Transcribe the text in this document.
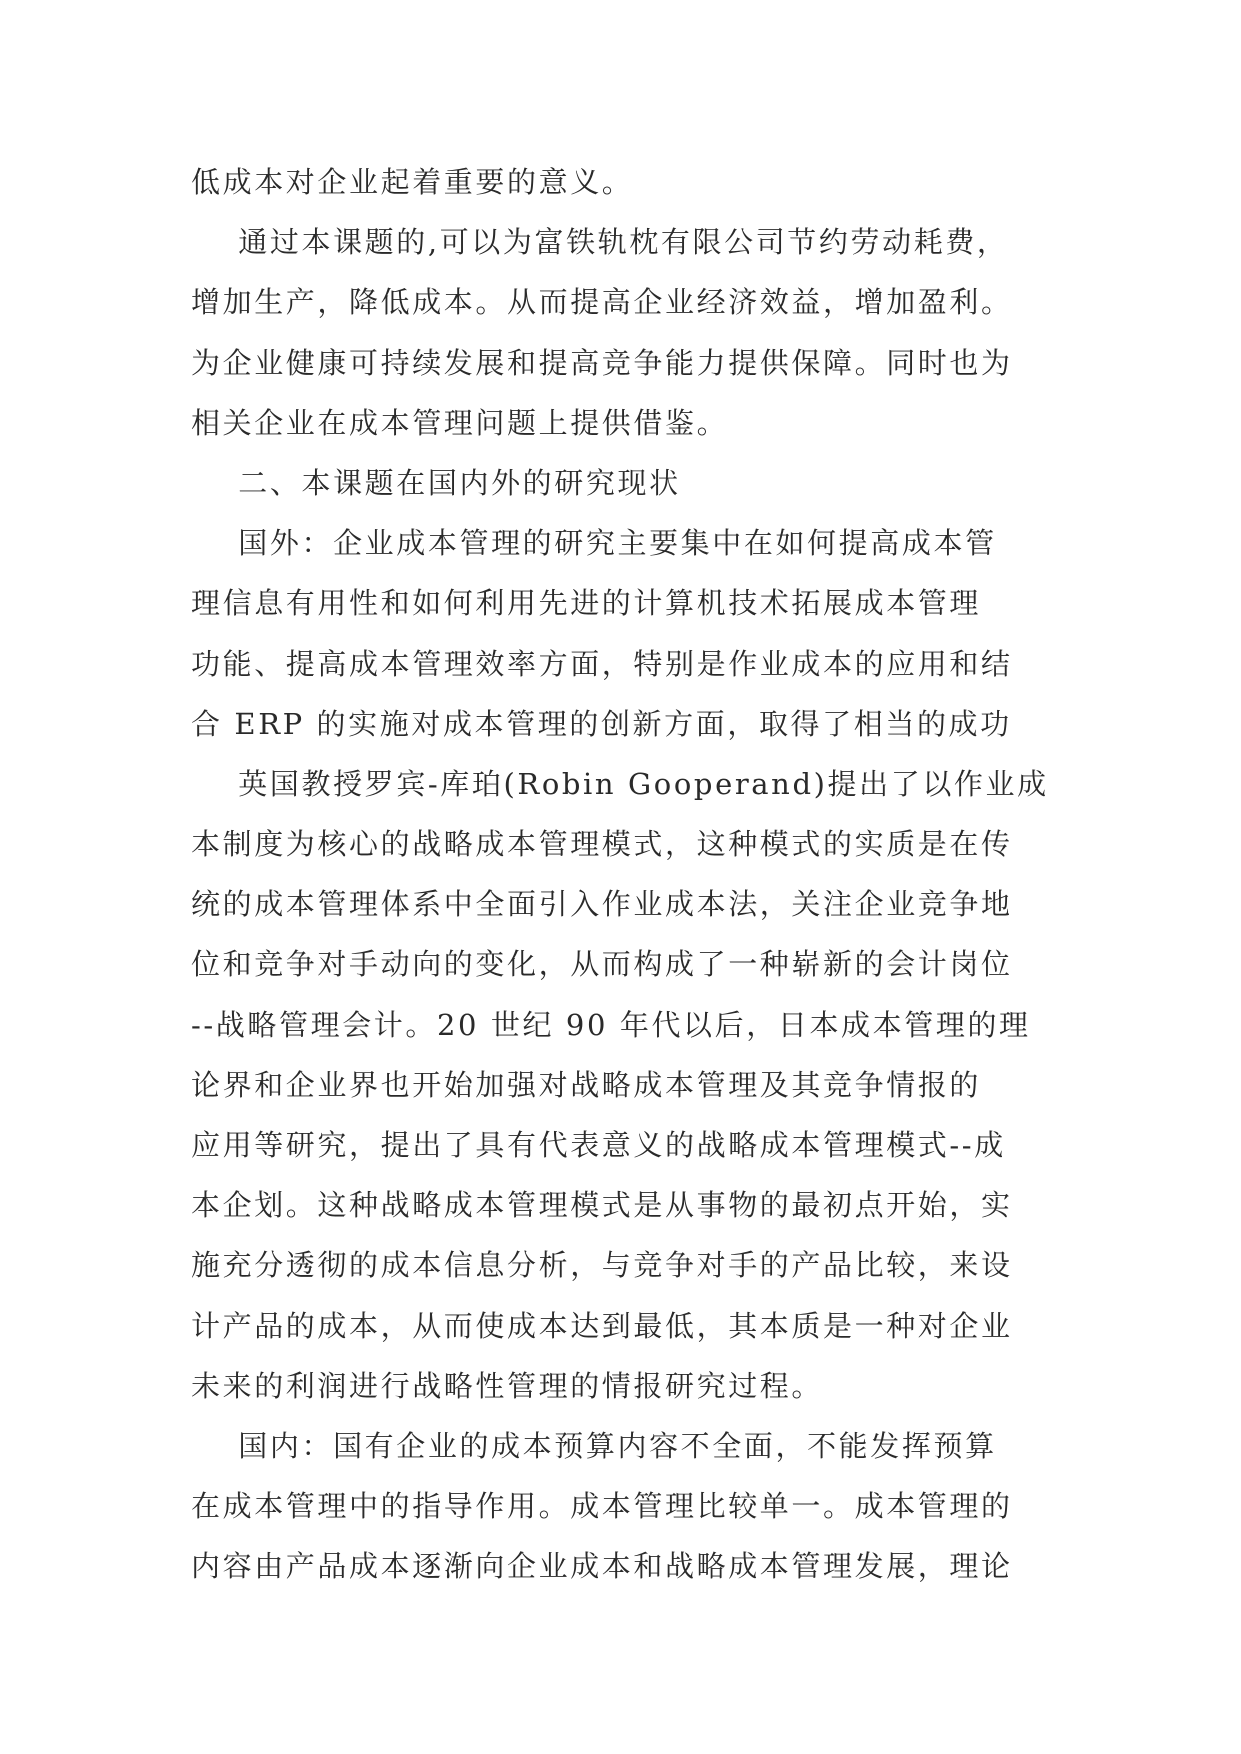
低成本对企业起着重要的意义。
通过本课题的,可以为富铁轨枕有限公司节约劳动耗费，
增加生产，降低成本。从而提高企业经济效益，增加盈利。
为企业健康可持续发展和提高竞争能力提供保障。同时也为
相关企业在成本管理问题上提供借鉴。
二、本课题在国内外的研究现状
国外：企业成本管理的研究主要集中在如何提高成本管
理信息有用性和如何利用先进的计算机技术拓展成本管理
功能、提高成本管理效率方面，特别是作业成本的应用和结
合 ERP 的实施对成本管理的创新方面，取得了相当的成功
英国教授罗宾-库珀(Robin Gooperand)提出了以作业成
本制度为核心的战略成本管理模式，这种模式的实质是在传
统的成本管理体系中全面引入作业成本法，关注企业竞争地
位和竞争对手动向的变化，从而构成了一种崭新的会计岗位
--战略管理会计。20 世纪 90 年代以后，日本成本管理的理
论界和企业界也开始加强对战略成本管理及其竞争情报的
应用等研究，提出了具有代表意义的战略成本管理模式--成
本企划。这种战略成本管理模式是从事物的最初点开始，实
施充分透彻的成本信息分析，与竞争对手的产品比较，来设
计产品的成本，从而使成本达到最低，其本质是一种对企业
未来的利润进行战略性管理的情报研究过程。
国内：国有企业的成本预算内容不全面，不能发挥预算
在成本管理中的指导作用。成本管理比较单一。成本管理的
内容由产品成本逐渐向企业成本和战略成本管理发展，理论
